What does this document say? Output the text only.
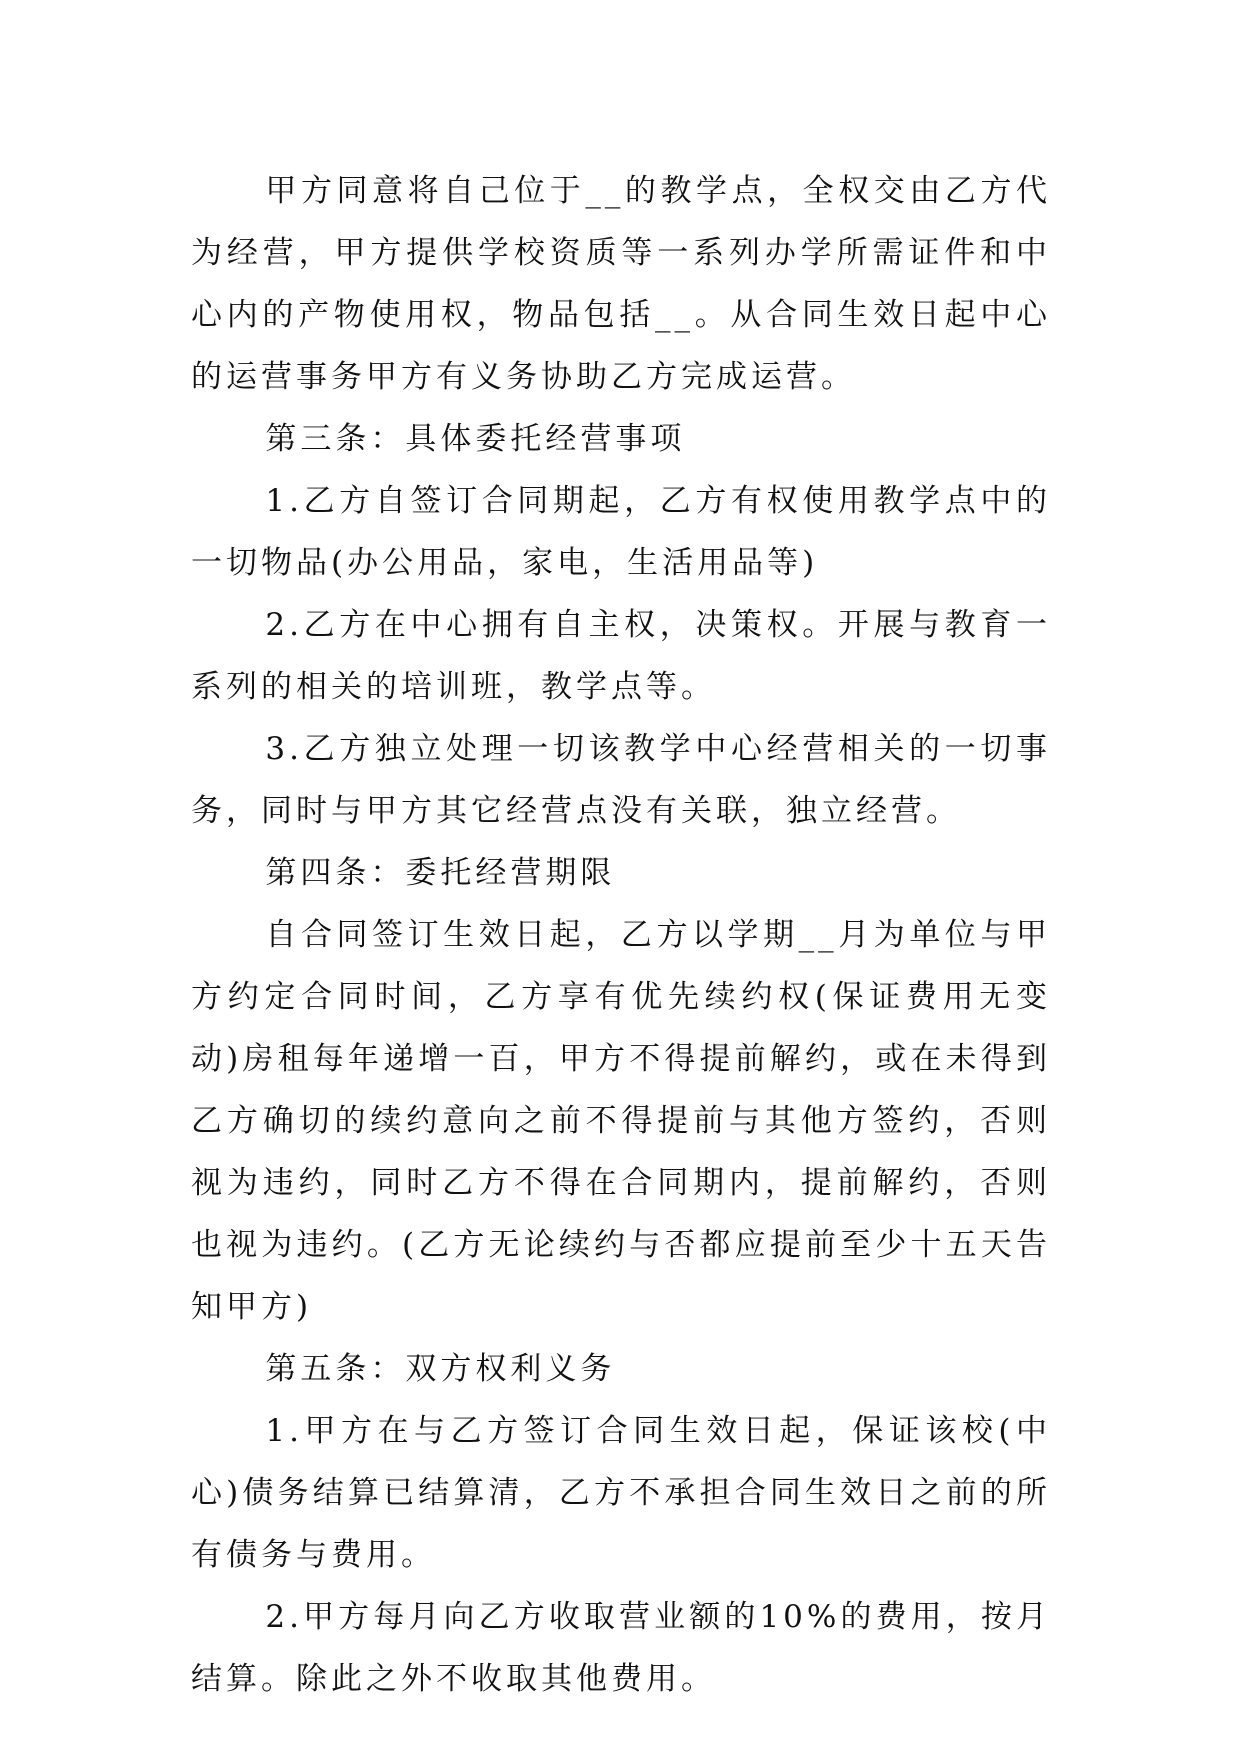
甲方同意将自己位于__的教学点，全权交由乙方代为经营，甲方提供学校资质等一系列办学所需证件和中心内的产物使用权，物品包括__。从合同生效日起中心的运营事务甲方有义务协助乙方完成运营。

第三条：具体委托经营事项

1.乙方自签订合同期起，乙方有权使用教学点中的一切物品(办公用品，家电，生活用品等)

2.乙方在中心拥有自主权，决策权。开展与教育一系列的相关的培训班，教学点等。

3.乙方独立处理一切该教学中心经营相关的一切事务，同时与甲方其它经营点没有关联，独立经营。

第四条：委托经营期限

自合同签订生效日起，乙方以学期__月为单位与甲方约定合同时间，乙方享有优先续约权(保证费用无变动)房租每年递增一百，甲方不得提前解约，或在未得到乙方确切的续约意向之前不得提前与其他方签约，否则视为违约，同时乙方不得在合同期内，提前解约，否则也视为违约。(乙方无论续约与否都应提前至少十五天告知甲方)

第五条：双方权利义务

1.甲方在与乙方签订合同生效日起，保证该校(中心)债务结算已结算清，乙方不承担合同生效日之前的所有债务与费用。

2.甲方每月向乙方收取营业额的10%的费用，按月结算。除此之外不收取其他费用。
